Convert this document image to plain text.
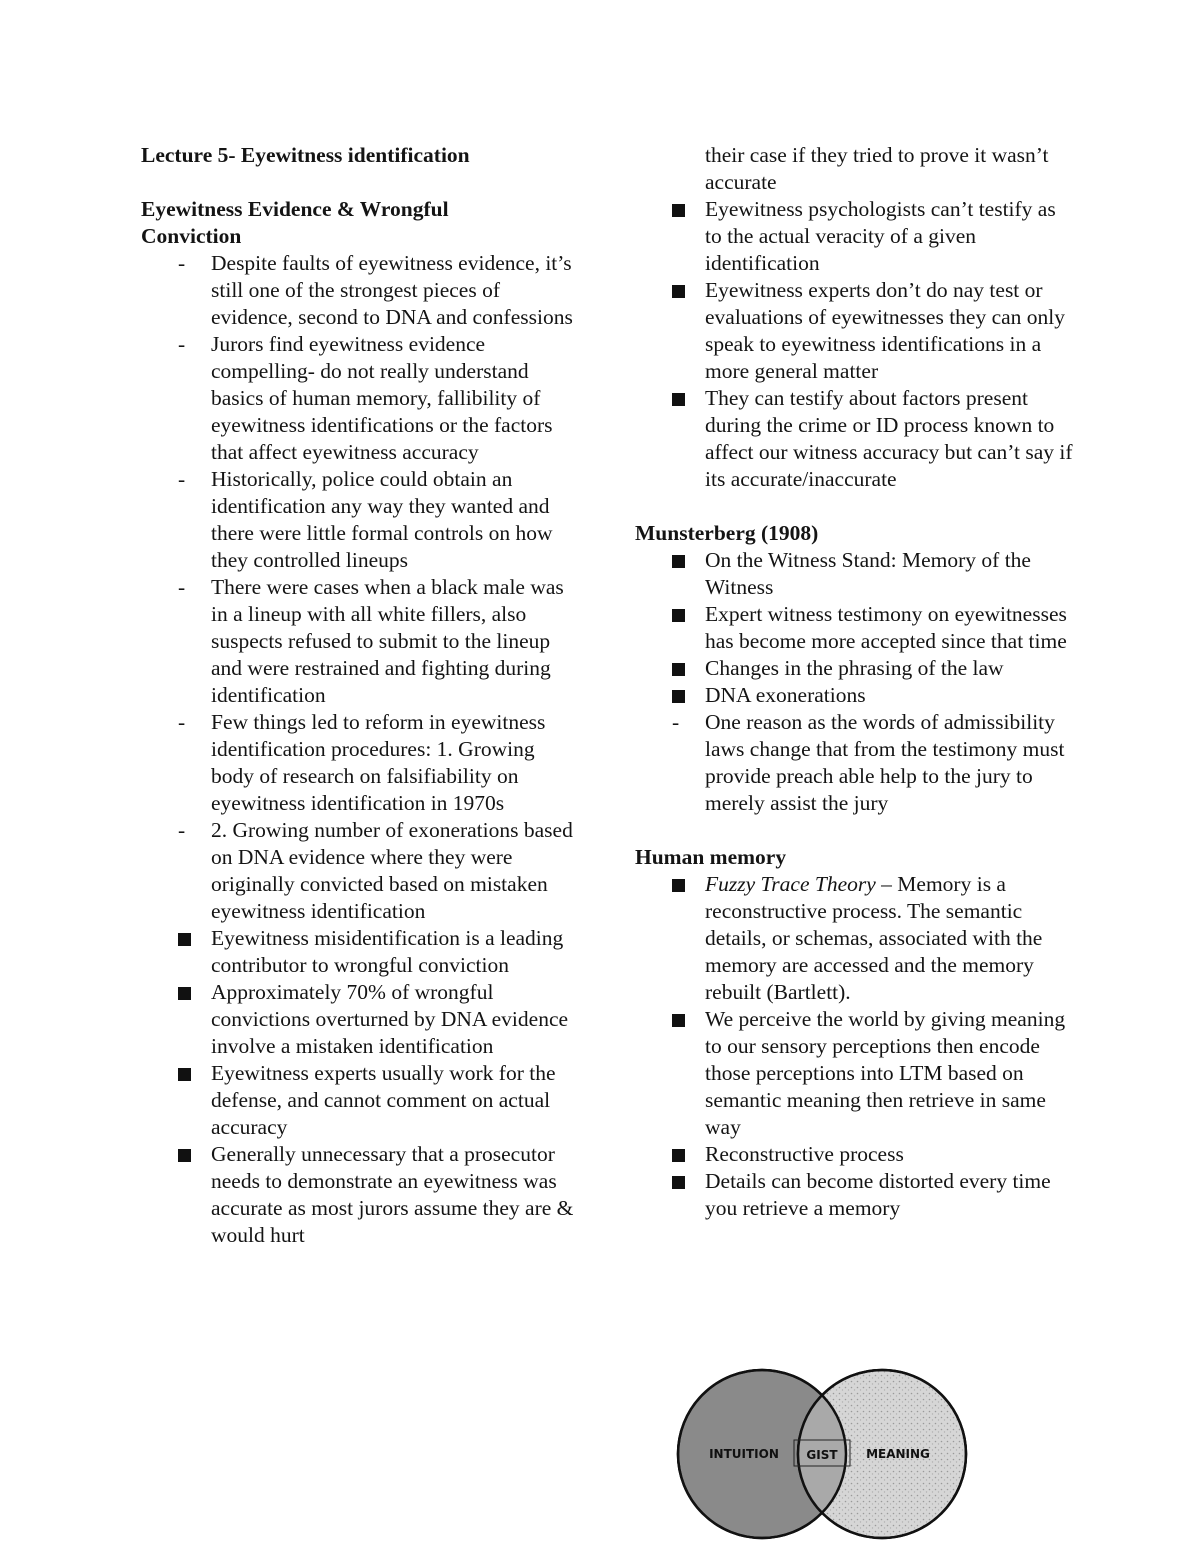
Lecture 5- Eyewitness identification

Eyewitness Evidence & Wrongful

Conviction

- Despite faults of eyewitness evidence, it’s still one of the strongest pieces of evidence, second to DNA and confessions
- Jurors find eyewitness evidence compelling- do not really understand basics of human memory, fallibility of eyewitness identifications or the factors that affect eyewitness accuracy
- Historically, police could obtain an identification any way they wanted and there were little formal controls on how they controlled lineups
- There were cases when a black male was in a lineup with all white fillers, also suspects refused to submit to the lineup and were restrained and fighting during identification
- Few things led to reform in eyewitness identification procedures: 1. Growing body of research on falsifiability on eyewitness identification in 1970s
- 2. Growing number of exonerations based on DNA evidence where they were originally convicted based on mistaken eyewitness identification
Eyewitness misidentification is a leading contributor to wrongful conviction
Approximately 70% of wrongful convictions overturned by DNA evidence involve a mistaken identification
Eyewitness experts usually work for the defense, and cannot comment on actual accuracy
Generally unnecessary that a prosecutor needs to demonstrate an eyewitness was accurate as most jurors assume they are & would hurt
their case if they tried to prove it wasn’t accurate
Eyewitness psychologists can’t testify as to the actual veracity of a given identification
Eyewitness experts don’t do nay test or evaluations of eyewitnesses they can only speak to eyewitness identifications in a more general matter
They can testify about factors present during the crime or ID process known to affect our witness accuracy but can’t say if its accurate/inaccurate

Munsterberg (1908)

On the Witness Stand: Memory of the Witness
Expert witness testimony on eyewitnesses has become more accepted since that time
Changes in the phrasing of the law
DNA exonerations
- One reason as the words of admissibility laws change that from the testimony must provide preach able help to the jury to merely assist the jury

Human memory

Fuzzy Trace Theory – Memory is a reconstructive process. The semantic details, or schemas, associated with the memory are accessed and the memory rebuilt (Bartlett).
We perceive the world by giving meaning to our sensory perceptions then encode those perceptions into LTM based on semantic meaning then retrieve in same way
Reconstructive process
Details can become distorted every time you retrieve a memory
INTUITION GIST MEANING
